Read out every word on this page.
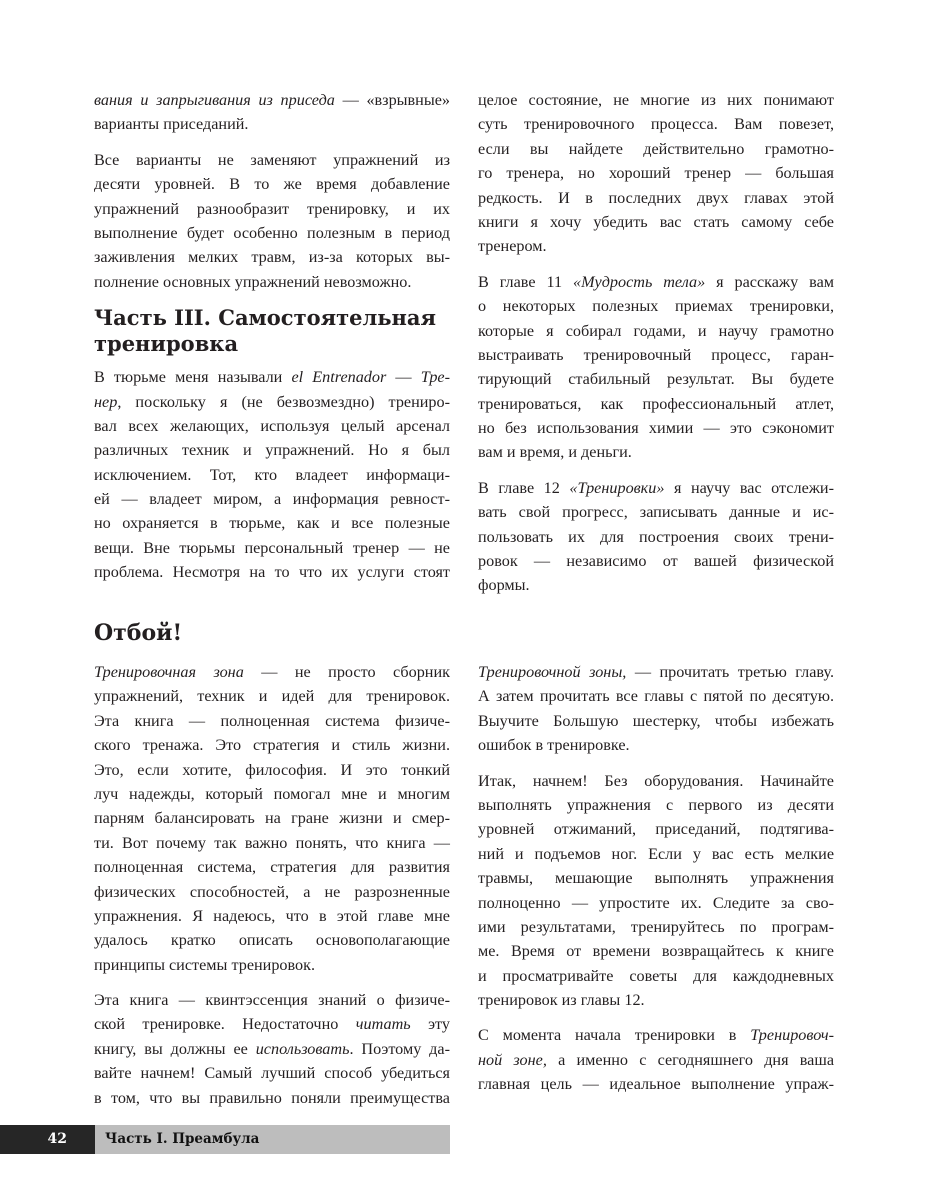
вания и запрыгивания из приседа — «взрывные»
варианты приседаний.
Все варианты не заменяют упражнений из
десяти уровней. В то же время добавление
упражнений разнообразит тренировку, и их
выполнение будет особенно полезным в период
заживления мелких травм, из-за которых вы-
полнение основных упражнений невозможно.
Часть III. Самостоятельная тренировка
В тюрьме меня называли el Entrenador — Тре-
нер, поскольку я (не безвозмездно) трениро-
вал всех желающих, используя целый арсенал
различных техник и упражнений. Но я был
исключением. Тот, кто владеет информаци-
ей — владеет миром, а информация ревност-
но охраняется в тюрьме, как и все полезные
вещи. Вне тюрьмы персональный тренер — не
проблема. Несмотря на то что их услуги стоят
целое состояние, не многие из них понимают
суть тренировочного процесса. Вам повезет,
если вы найдете действительно грамотно-
го тренера, но хороший тренер — большая
редкость. И в последних двух главах этой
книги я хочу убедить вас стать самому себе
тренером.
В главе 11 «Мудрость тела» я расскажу вам
о некоторых полезных приемах тренировки,
которые я собирал годами, и научу грамотно
выстраивать тренировочный процесс, гаран-
тирующий стабильный результат. Вы будете
тренироваться, как профессиональный атлет,
но без использования химии — это сэкономит
вам и время, и деньги.
В главе 12 «Тренировки» я научу вас отслежи-
вать свой прогресс, записывать данные и ис-
пользовать их для построения своих трени-
ровок — независимо от вашей физической
формы.
Отбой!
Тренировочная зона — не просто сборник
упражнений, техник и идей для тренировок.
Эта книга — полноценная система физиче-
ского тренажа. Это стратегия и стиль жизни.
Это, если хотите, философия. И это тонкий
луч надежды, который помогал мне и многим
парням балансировать на гране жизни и смер-
ти. Вот почему так важно понять, что книга —
полноценная система, стратегия для развития
физических способностей, а не разрозненные
упражнения. Я надеюсь, что в этой главе мне
удалось кратко описать основополагающие
принципы системы тренировок.
Эта книга — квинтэссенция знаний о физиче-
ской тренировке. Недостаточно читать эту
книгу, вы должны ее использовать. Поэтому да-
вайте начнем! Самый лучший способ убедиться
в том, что вы правильно поняли преимущества
Тренировочной зоны, — прочитать третью главу.
А затем прочитать все главы с пятой по десятую.
Выучите Большую шестерку, чтобы избежать
ошибок в тренировке.
Итак, начнем! Без оборудования. Начинайте
выполнять упражнения с первого из десяти
уровней отжиманий, приседаний, подтягива-
ний и подъемов ног. Если у вас есть мелкие
травмы, мешающие выполнять упражнения
полноценно — упростите их. Следите за сво-
ими результатами, тренируйтесь по програм-
ме. Время от времени возвращайтесь к книге
и просматривайте советы для каждодневных
тренировок из главы 12.
С момента начала тренировки в Тренировоч-
ной зоне, а именно с сегодняшнего дня ваша
главная цель — идеальное выполнение упраж-
42	Часть I. Преамбула
